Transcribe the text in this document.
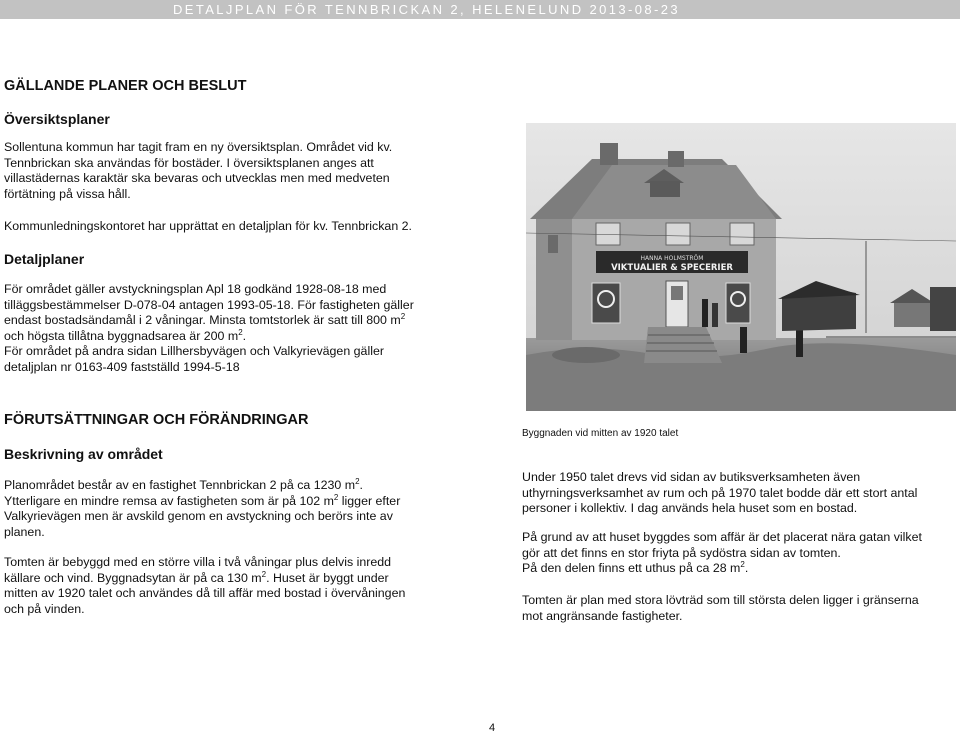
DETALJPLAN FÖR TENNBRICKAN 2, HELENELUND 2013-08-23
GÄLLANDE PLANER OCH BESLUT
Översiktsplaner
Sollentuna kommun har tagit fram en ny översiktsplan. Området vid kv.
Tennbrickan ska användas för bostäder. I översiktsplanen anges att
villastädernas karaktär ska bevaras och utvecklas men med medveten
förtätning på vissa håll.
Kommunledningskontoret har upprättat en detaljplan för kv. Tennbrickan 2.
Detaljplaner
För området gäller avstyckningsplan Apl 18 godkänd 1928-08-18 med
tilläggsbestämmelser D-078-04 antagen 1993-05-18. För fastigheten gäller
endast bostadsändamål i 2 våningar. Minsta tomtstorlek är satt till 800 $m^2$
och högsta tillåtna byggnadsarea är 200 $m^2$.
För området på andra sidan Lillhersbyvägen och Valkyrievägen gäller
detaljplan nr 0163-409 fastställd 1994-5-18
FÖRUTSÄTTNINGAR OCH FÖRÄNDRINGAR
Beskrivning av området
Planområdet består av en fastighet Tennbrickan 2 på ca 1230 $m^2$.
Ytterligare en mindre remsa av fastigheten som är på 102 $m^2$ ligger efter
Valkyrievägen men är avskild genom en avstyckning och berörs inte av
planen.
Tomten är bebyggd med en större villa i två våningar plus delvis inredd
källare och vind. Byggnadsytan är på ca 130 $m^2$. Huset är byggt under
mitten av 1920 talet och användes då till affär med bostad i övervåningen
och på vinden.
HANNA HOLMSTRÖM
VIKTUALIER & SPECERIER
Byggnaden vid mitten av 1920 talet
Under 1950 talet drevs vid sidan av butiksverksamheten även
uthyrningsverksamhet av rum och på 1970 talet bodde där ett stort antal
personer i kollektiv. I dag används hela huset som en bostad.
På grund av att huset byggdes som affär är det placerat nära gatan vilket
gör att det finns en stor friyta på sydöstra sidan av tomten.
På den delen finns ett uthus på ca 28 $m^2$.
Tomten är plan med stora lövträd som till största delen ligger i gränserna
mot angränsande fastigheter.
4
